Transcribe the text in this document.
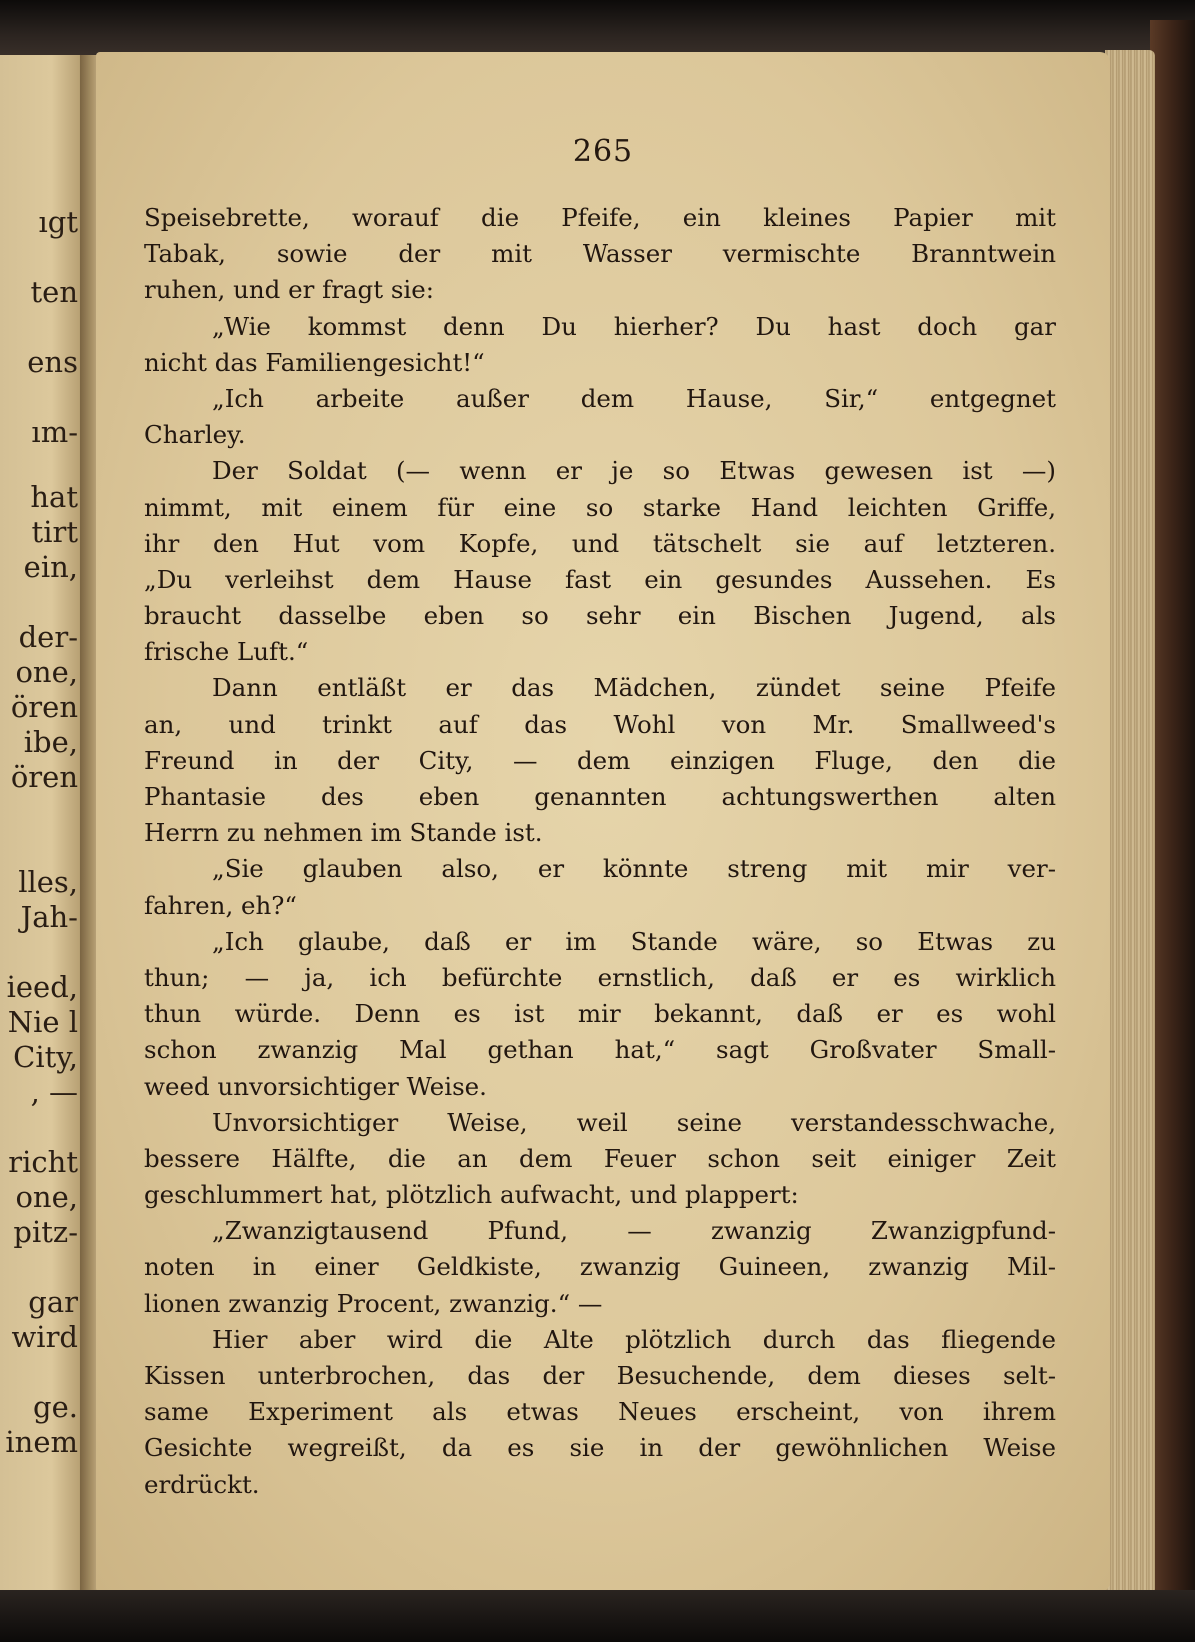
ıgt
ten
ens
ım-
hat
tirt
ein,
der-
one,
ören
ibe,
ören
lles,
Jah-
ieed,
Nie l
City,
, —
richt
one,
pitz-
gar
wird
ge.
inem
265
Speisebrette, worauf die Pfeife, ein kleines Papier mit
Tabak, sowie der mit Wasser vermischte Branntwein
ruhen, und er fragt sie:
„Wie kommst denn Du hierher? Du hast doch gar
nicht das Familiengesicht!“
„Ich arbeite außer dem Hause, Sir,“ entgegnet
Charley.
Der Soldat (— wenn er je so Etwas gewesen ist —)
nimmt, mit einem für eine so starke Hand leichten Griffe,
ihr den Hut vom Kopfe, und tätschelt sie auf letzteren.
„Du verleihst dem Hause fast ein gesundes Aussehen. Es
braucht dasselbe eben so sehr ein Bischen Jugend, als
frische Luft.“
Dann entläßt er das Mädchen, zündet seine Pfeife
an, und trinkt auf das Wohl von Mr. Smallweed's
Freund in der City, — dem einzigen Fluge, den die
Phantasie des eben genannten achtungswerthen alten
Herrn zu nehmen im Stande ist.
„Sie glauben also, er könnte streng mit mir ver-
fahren, eh?“
„Ich glaube, daß er im Stande wäre, so Etwas zu
thun; — ja, ich befürchte ernstlich, daß er es wirklich
thun würde. Denn es ist mir bekannt, daß er es wohl
schon zwanzig Mal gethan hat,“ sagt Großvater Small-
weed unvorsichtiger Weise.
Unvorsichtiger Weise, weil seine verstandesschwache,
bessere Hälfte, die an dem Feuer schon seit einiger Zeit
geschlummert hat, plötzlich aufwacht, und plappert:
„Zwanzigtausend Pfund, — zwanzig Zwanzigpfund-
noten in einer Geldkiste, zwanzig Guineen, zwanzig Mil-
lionen zwanzig Procent, zwanzig.“ —
Hier aber wird die Alte plötzlich durch das fliegende
Kissen unterbrochen, das der Besuchende, dem dieses selt-
same Experiment als etwas Neues erscheint, von ihrem
Gesichte wegreißt, da es sie in der gewöhnlichen Weise
erdrückt.
